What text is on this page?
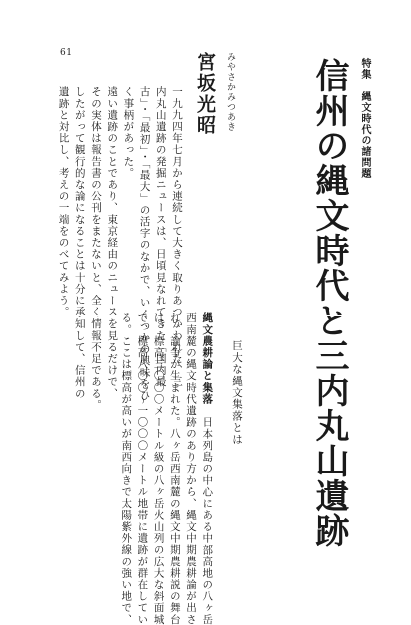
61
特集　縄文時代の諸問題
信州の縄文時代と三内丸山遺跡
みやさかみつあき
宮坂光昭

一九九四年七月から連続して大きく取りあつかわれた、三

内丸山遺跡の発掘ニュースは、日頃見なれてきた「国内最

古」・「最初」・「最大」の活字のなかで、いくつかの興味をひ

く事柄があった。

遠い遺跡のことであり、東京経由のニュースを見るだけで、

その実体は報告書の公刊をまたないと、全く情報不足である。

したがって観行的な論になることは十分に承知して、信州の

遺跡と対比し、考えの一端をのべてみよう。

巨大な縄文集落とは

縄文農耕論と集落　日本列島の中心にある中部高地の八ヶ岳

西南麓の縄文時代遺跡のあり方から、縄文中期農耕論が出さ

れ、論争が生まれた。八ヶ岳西南麓の縄文中期農耕説の舞台

は、標高三〇〇〇メートル級の八ヶ岳火山列の広大な斜面城

で、標高八〇〇〜一〇〇〇メートル地帯に遺跡が群在してい

る。ここは標高が高いが南西向きで太陽紫外線の強い地で、
